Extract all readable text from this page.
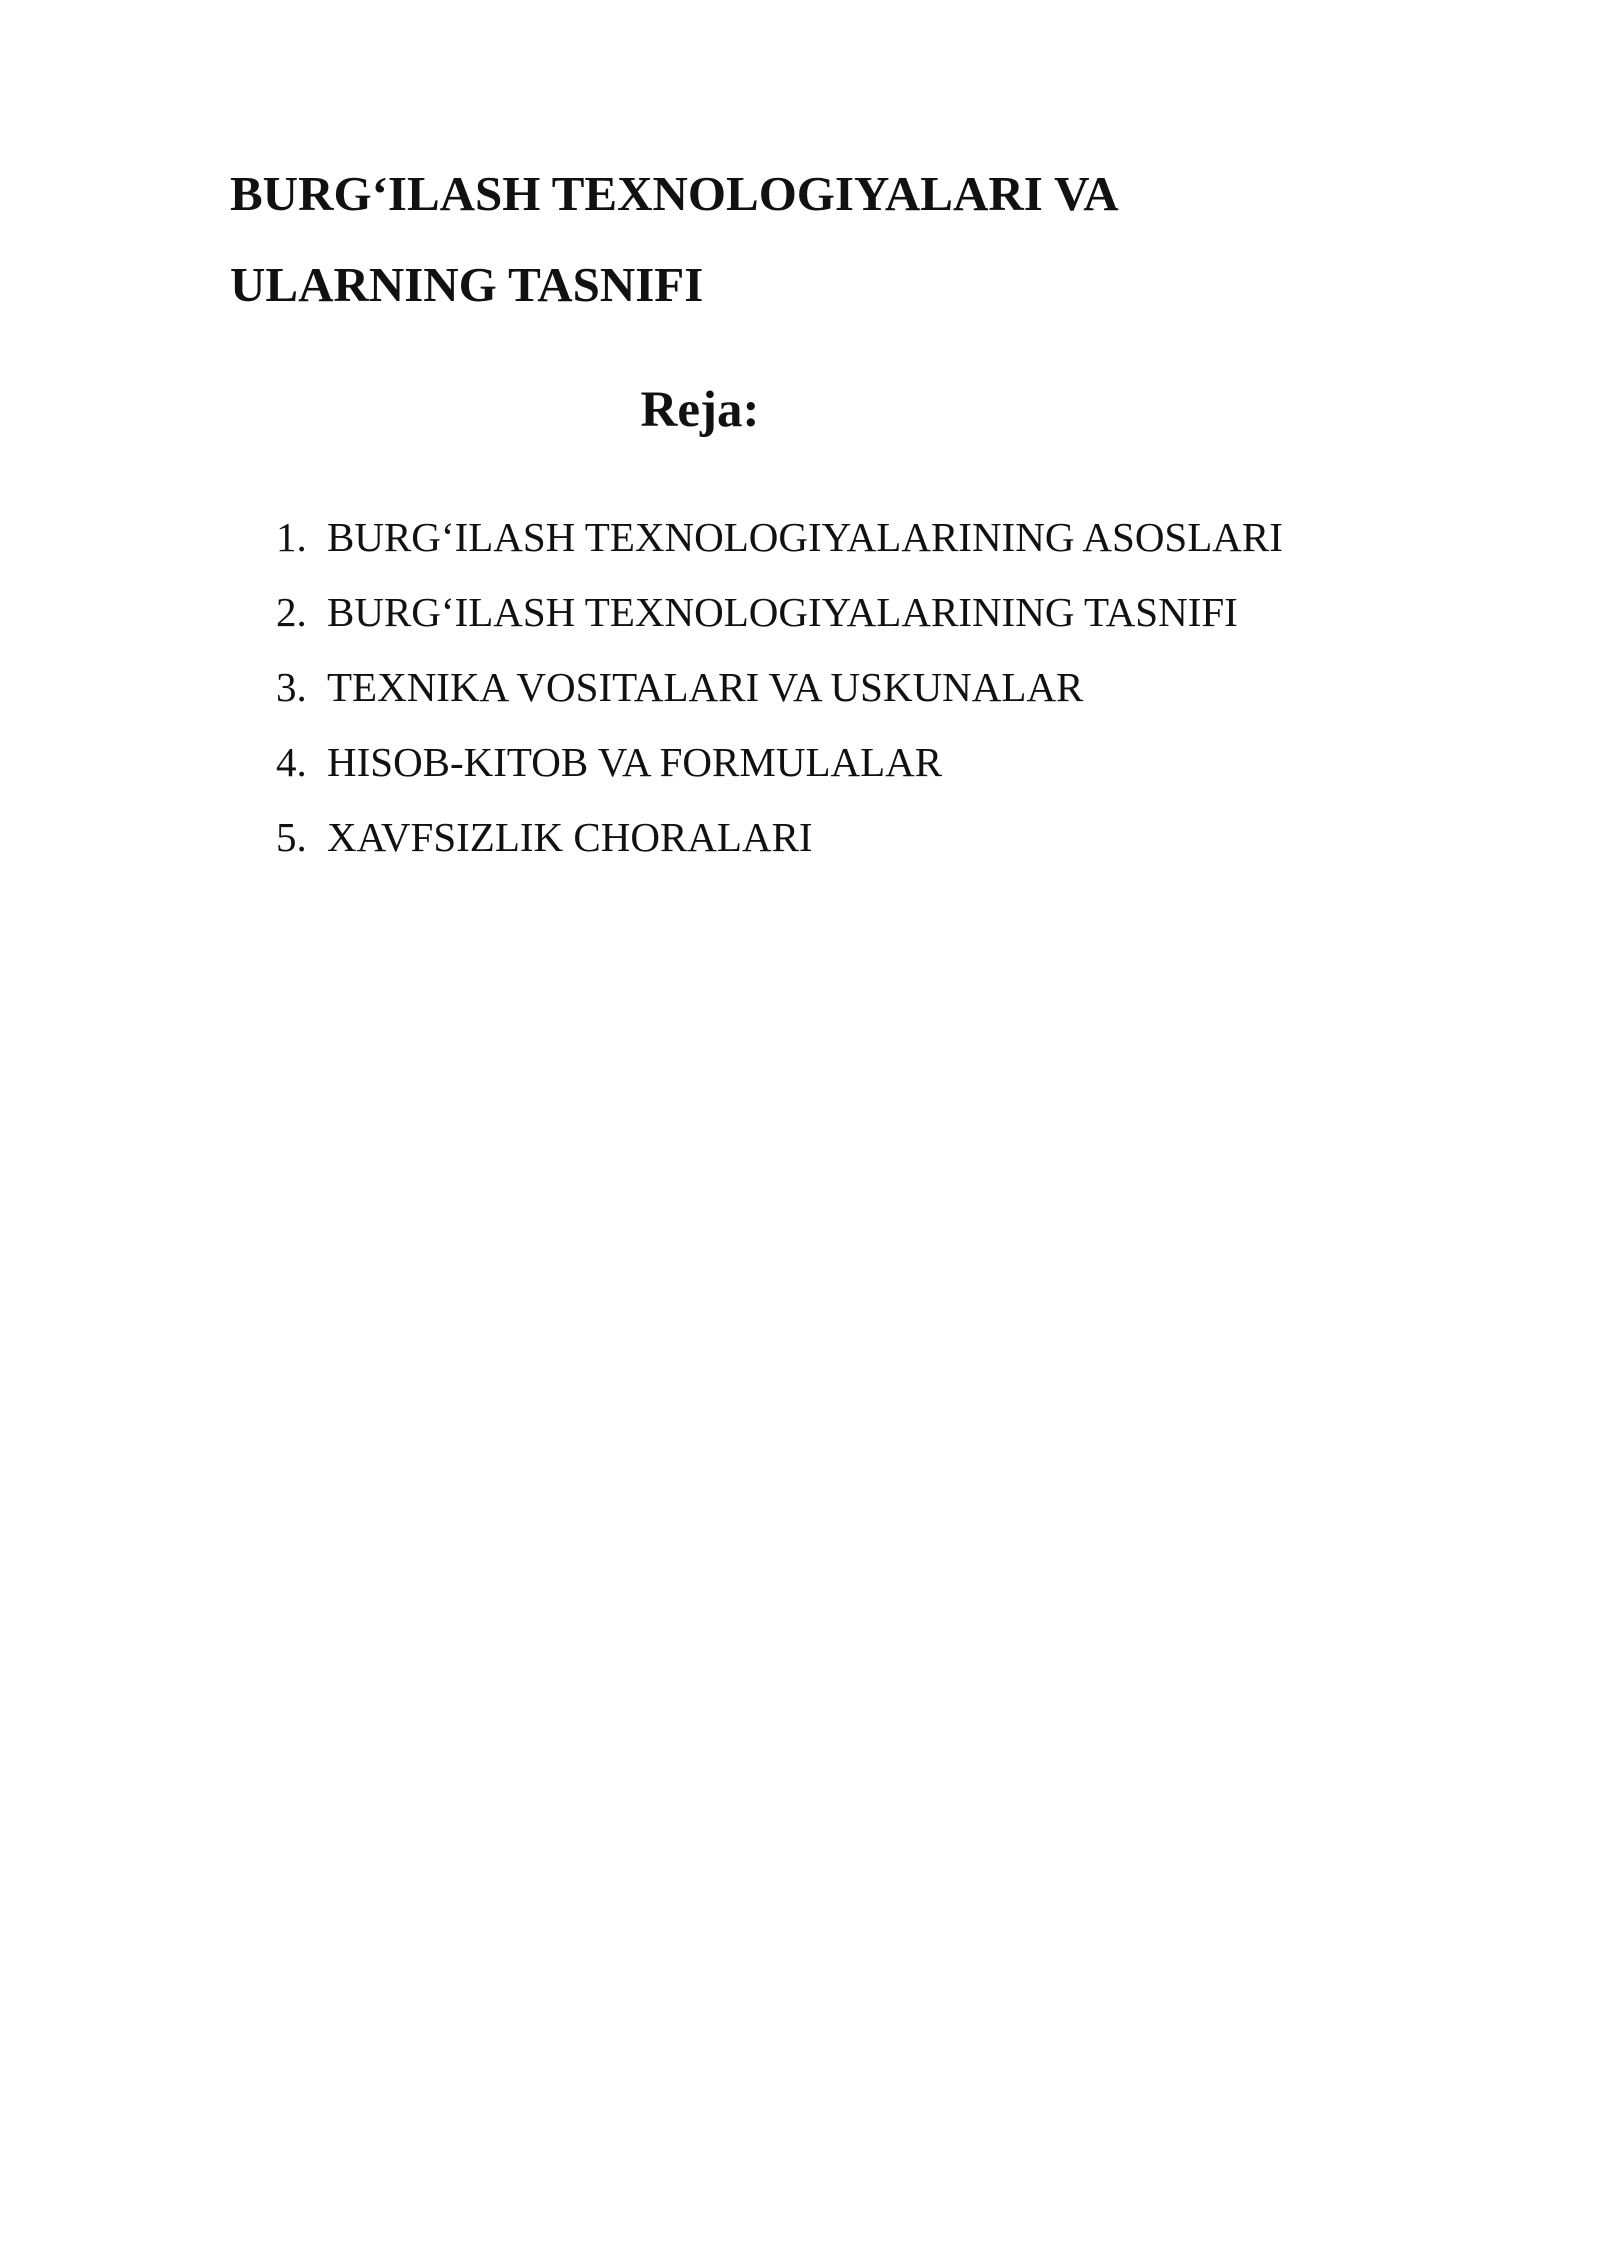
BURG‘ILASH TEXNOLOGIYALARI VA
ULARNING TASNIFI
Reja:
1. BURG‘ILASH TEXNOLOGIYALARINING ASOSLARI
2. BURG‘ILASH TEXNOLOGIYALARINING TASNIFI
3. TEXNIKA VOSITALARI VA USKUNALAR
4. HISOB-KITOB VA FORMULALAR
5. XAVFSIZLIK CHORALARI
